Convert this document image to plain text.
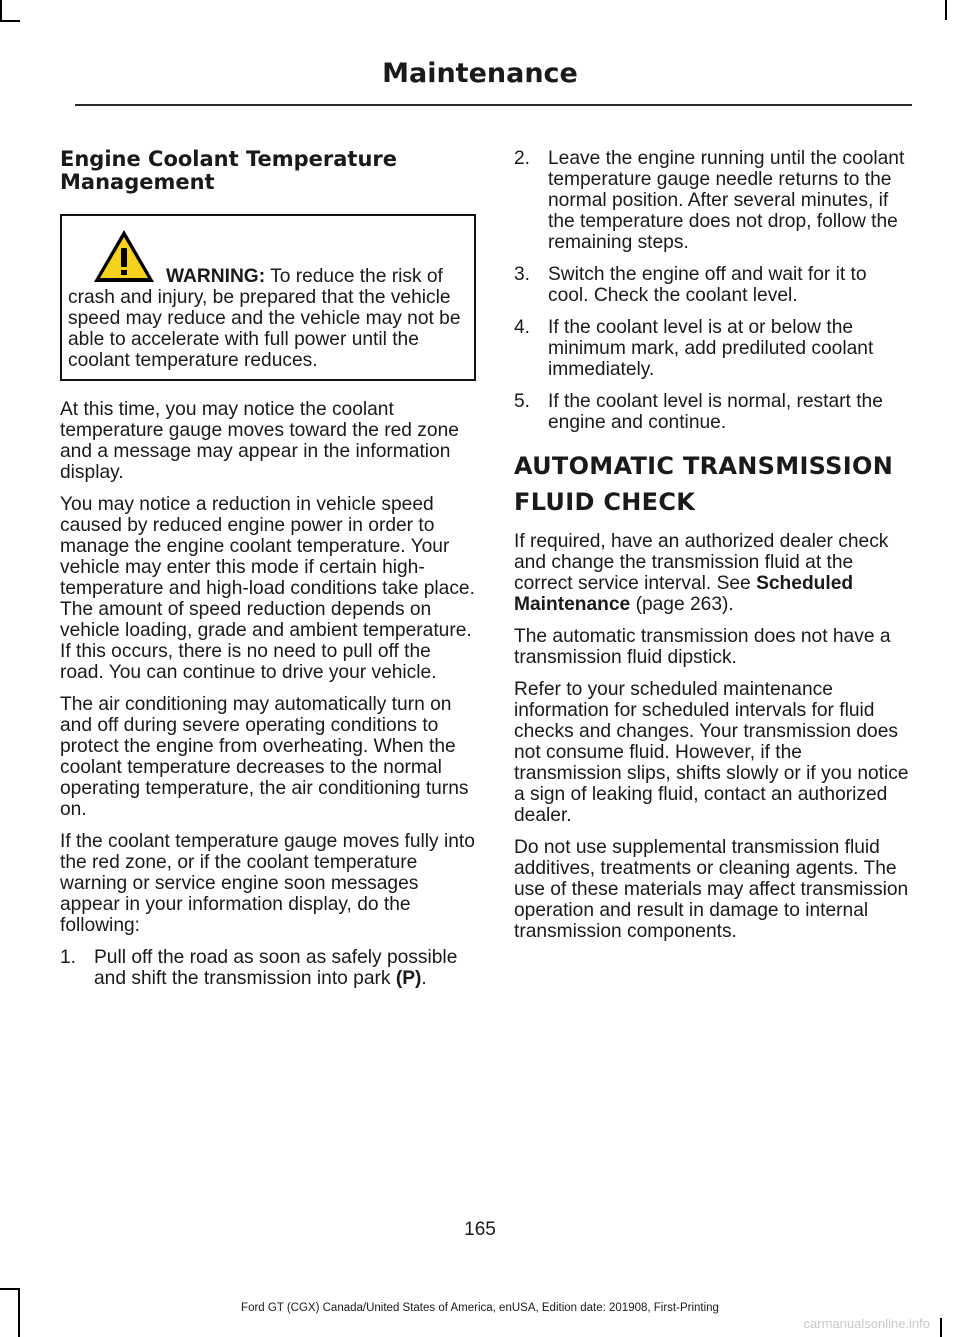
Maintenance
Engine Coolant Temperature Management

WARNING: To reduce the risk of crash and injury, be prepared that the vehicle speed may reduce and the vehicle may not be able to accelerate with full power until the coolant temperature reduces.

At this time, you may notice the coolant temperature gauge moves toward the red zone and a message may appear in the information display.

You may notice a reduction in vehicle speed caused by reduced engine power in order to manage the engine coolant temperature. Your vehicle may enter this mode if certain high-temperature and high-load conditions take place. The amount of speed reduction depends on vehicle loading, grade and ambient temperature. If this occurs, there is no need to pull off the road. You can continue to drive your vehicle.

The air conditioning may automatically turn on and off during severe operating conditions to protect the engine from overheating. When the coolant temperature decreases to the normal operating temperature, the air conditioning turns on.

If the coolant temperature gauge moves fully into the red zone, or if the coolant temperature warning or service engine soon messages appear in your information display, do the following:

1. Pull off the road as soon as safely possible and shift the transmission into park (P).
2. Leave the engine running until the coolant temperature gauge needle returns to the normal position. After several minutes, if the temperature does not drop, follow the remaining steps.
3. Switch the engine off and wait for it to cool. Check the coolant level.
4. If the coolant level is at or below the minimum mark, add prediluted coolant immediately.
5. If the coolant level is normal, restart the engine and continue.
AUTOMATIC TRANSMISSION
FLUID CHECK

If required, have an authorized dealer check and change the transmission fluid at the correct service interval. See Scheduled Maintenance (page 263).

The automatic transmission does not have a transmission fluid dipstick.

Refer to your scheduled maintenance information for scheduled intervals for fluid checks and changes. Your transmission does not consume fluid. However, if the transmission slips, shifts slowly or if you notice a sign of leaking fluid, contact an authorized dealer.

Do not use supplemental transmission fluid additives, treatments or cleaning agents. The use of these materials may affect transmission operation and result in damage to internal transmission components.

165
Ford GT (CGX) Canada/United States of America, enUSA, Edition date: 201908, First-Printing
carmanualsonline.info
